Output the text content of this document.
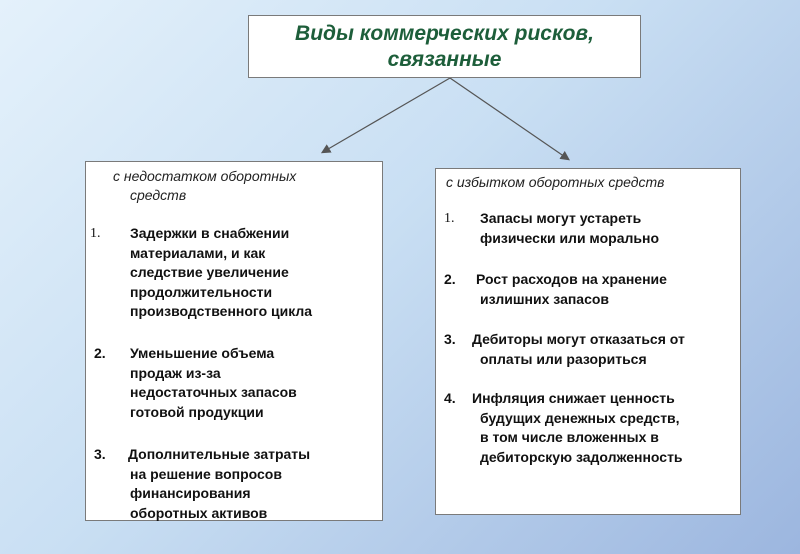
Виды коммерческих рисков,
связанные
с недостатком оборотных
средств
1. Задержки в снабжении
материалами, и как
следствие увеличение
продолжительности
производственного цикла
2. Уменьшение объема
продаж из-за
недостаточных запасов
готовой продукции
3. Дополнительные затраты
на решение вопросов
финансирования
оборотных активов
с избытком оборотных средств
1. Запасы могут устареть
физически или морально
2. Рост расходов на хранение
излишних запасов
3. Дебиторы могут отказаться от
оплаты или разориться
4. Инфляция снижает ценность
будущих денежных средств,
в том числе вложенных в
дебиторскую задолженность
